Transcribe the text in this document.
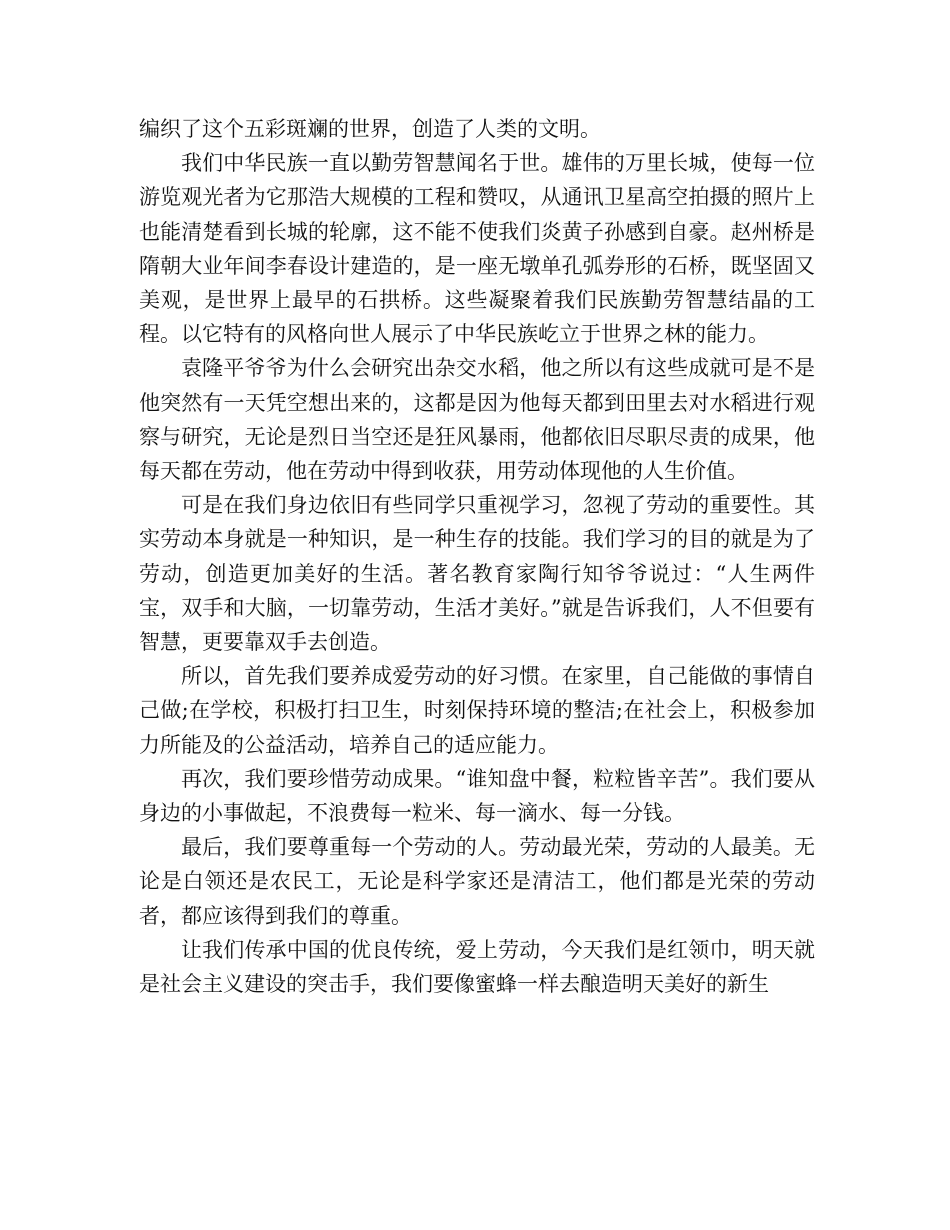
编织了这个五彩斑斓的世界，创造了人类的文明。

我们中华民族一直以勤劳智慧闻名于世。雄伟的万里长城，使每一位游览观光者为它那浩大规模的工程和赞叹，从通讯卫星高空拍摄的照片上也能清楚看到长城的轮廓，这不能不使我们炎黄子孙感到自豪。赵州桥是隋朝大业年间李春设计建造的，是一座无墩单孔弧券形的石桥，既坚固又美观，是世界上最早的石拱桥。这些凝聚着我们民族勤劳智慧结晶的工程。以它特有的风格向世人展示了中华民族屹立于世界之林的能力。

袁隆平爷爷为什么会研究出杂交水稻，他之所以有这些成就可是不是他突然有一天凭空想出来的，这都是因为他每天都到田里去对水稻进行观察与研究，无论是烈日当空还是狂风暴雨，他都依旧尽职尽责的成果，他每天都在劳动，他在劳动中得到收获，用劳动体现他的人生价值。

可是在我们身边依旧有些同学只重视学习，忽视了劳动的重要性。其实劳动本身就是一种知识，是一种生存的技能。我们学习的目的就是为了劳动，创造更加美好的生活。著名教育家陶行知爷爷说过：“人生两件宝，双手和大脑，一切靠劳动，生活才美好。”就是告诉我们，人不但要有智慧，更要靠双手去创造。

所以，首先我们要养成爱劳动的好习惯。在家里，自己能做的事情自己做;在学校，积极打扫卫生，时刻保持环境的整洁;在社会上，积极参加力所能及的公益活动，培养自己的适应能力。

再次，我们要珍惜劳动成果。“谁知盘中餐，粒粒皆辛苦”。我们要从身边的小事做起，不浪费每一粒米、每一滴水、每一分钱。

最后，我们要尊重每一个劳动的人。劳动最光荣，劳动的人最美。无论是白领还是农民工，无论是科学家还是清洁工，他们都是光荣的劳动者，都应该得到我们的尊重。

让我们传承中国的优良传统，爱上劳动，今天我们是红领巾，明天就是社会主义建设的突击手，我们要像蜜蜂一样去酿造明天美好的新生
